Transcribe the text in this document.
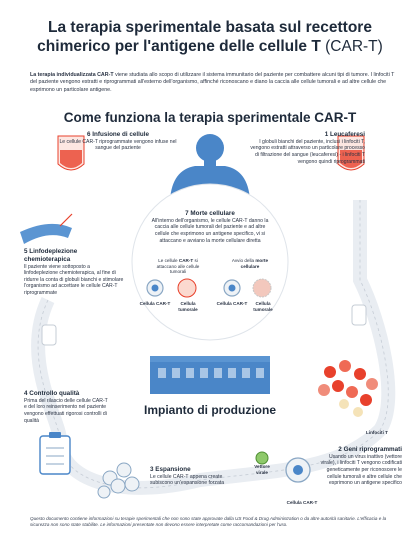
La terapia sperimentale basata sul recettore chimerico per l'antigene delle cellule T (CAR-T)
La terapia individualizzata CAR-T viene studiata allo scopo di utilizzare il sistema immunitario del paziente per combattere alcuni tipi di tumore. I linfociti T del paziente vengono estratti e riprogrammati all'esterno dell'organismo, affinché riconoscano e diano la caccia alle cellule tumorali e ad altre cellule che esprimono un particolare antigene.
Come funziona la terapia sperimentale CAR-T
6 Infusione di cellule
Le cellule CAR-T riprogrammate vengono infuse nel sangue del paziente
1 Leucaferesi
I globuli bianchi del paziente, inclusi i linfociti T, vengono estratti attraverso un particolare processo di filtrazione del sangue (leucaferesi) - i linfociti T vengono quindi riprogrammati
7 Morte cellulare
All'interno dell'organismo, le cellule CAR-T danno la caccia alle cellule tumorali del paziente e ad altre cellule che esprimono un antigene specifico, vi si attaccano e avviano la morte cellulare diretta
Le cellule CAR-T si attaccano alle cellule tumorali
Avvio della morte cellulare
Cellula CAR-T	Cellula tumorale
Cellula CAR-T	Cellula tumorale
5 Linfodeplezione chemioterapica
Il paziente viene sottoposto a linfodeplezione chemioterapica, al fine di ridurre la conta di globuli bianchi e stimolare l'organismo ad accettare le cellule CAR-T riprogrammate
Impianto di produzione
4 Controllo qualità
Prima del rilascio delle cellule CAR-T e del loro reinserimento nel paziente vengono effettuati rigorosi controlli di qualità
Linfociti T
2 Geni riprogrammati
Usando un virus inattivo (vettore virale), i linfociti T vengono codificati geneticamente per riconoscere le cellule tumorali e altre cellule che esprimono un antigene specifico
3 Espansione
Le cellule CAR-T appena create subiscono un'espansione forzata
Vettore virale
Cellula CAR-T
Questo documento contiene informazioni su terapie sperimentali che non sono state approvate dalla US Food & Drug Administration o da altre autorità sanitarie. L'efficacia e la sicurezza non sono state stabilite. Le informazioni presentate non devono essere interpretate come raccomandazioni per l'uso.
